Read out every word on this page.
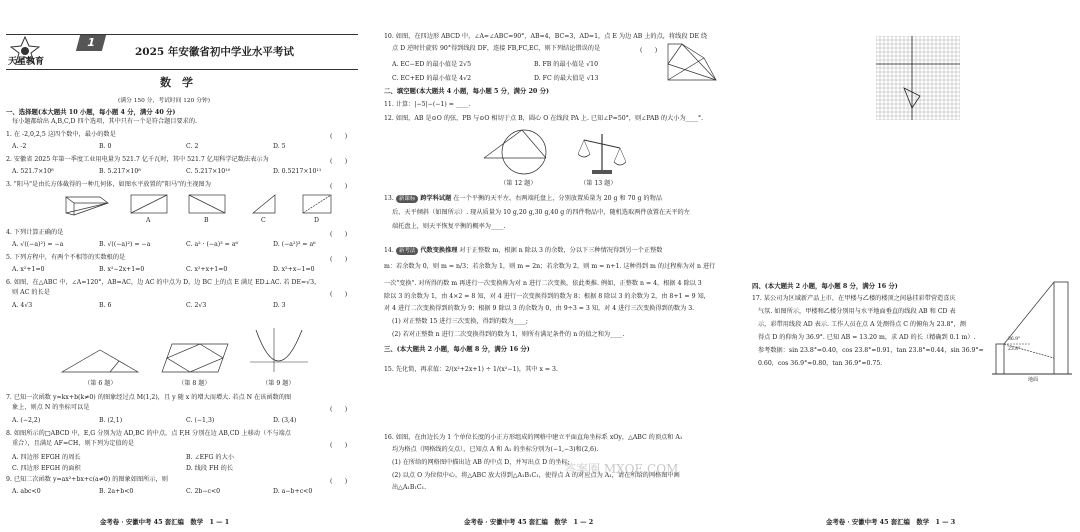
天星教育
1
2025 年安徽省初中学业水平考试
数　学
(满分 150 分，考试时间 120 分钟)
一、选择题(本大题共 10 小题，每小题 4 分，满分 40 分)
每小题都给出 A,B,C,D 四个选项，其中只有一个是符合题目要求的.
1. 在 -2,0,2,5 这四个数中，最小的数是	(　　)
A. -2	B. 0	C. 2	D. 5
2. 安徽省 2025 年第一季度工业用电量为 521.7 亿千瓦时，其中 521.7 亿用科学记数法表示为	(　　)
A. 521.7×10⁸	B. 5.217×10⁸	C. 5.217×10¹⁰	D. 0.5217×10¹¹
3. "阳马"是由长方体截得的一种几何体，如图水平放置的"阳马"的主视图为	(　　)
A	B	C	D
4. 下列计算正确的是	(　　)
A. √((−a)²) = −a	B. √((−a)²) = −a	C. a² · (−a)³ = a⁶	D. (−a²)³ = a⁶
5. 下列方程中，有两个不相等的实数根的是	(　　)
A. x²+1=0	B. x²−2x+1=0	C. x²+x+1=0	D. x²+x−1=0
6. 如图，在△ABC 中，∠A=120°，AB=AC，边 AC 的中点为 D，边 BC 上的点 E 满足 ED⊥AC. 若 DE=√3，
则 AC 的长是	(　　)
A. 4√3	B. 6	C. 2√3	D. 3
（第 6 题）	（第 8 题）	（第 9 题）
7. 已知一次函数 y=kx+b(k≠0) 的图象经过点 M(1,2)，且 y 随 x 的增大而增大. 若点 N 在该函数的图
象上，则点 N 的坐标可以是	(　　)
A. (−2,2)	B. (2,1)	C. (−1,3)	D. (3,4)
8. 如图所示的□ABCD 中，E,G 分别为边 AD,BC 的中点，点 F,H 分别在边 AB,CD 上移动（不与端点
重合），且满足 AF=CH，则下列为定值的是	(　　)
A. 四边形 EFGH 的周长	B. ∠EFG 的大小
C. 四边形 EFGH 的面积	D. 线段 FH 的长
9. 已知二次函数 y=ax²+bx+c(a≠0) 的图象如图所示，则	(　　)
A. abc<0	B. 2a+b<0	C. 2b−c<0	D. a−b+c<0
金考卷 · 安徽中考 45 套汇编　数学　1 — 1
10. 如图，在四边形 ABCD 中，∠A=∠ABC=90°，AB=4，BC=3，AD=1，点 E 为边 AB 上的点，将线段 DE 绕
点 D 逆时针旋转 90°得到线段 DF，连接 FB,FC,EC，则下列结论错误的是	(　　)
A. EC−ED 的最小值是 2√5	B. FB 的最小值是 √10
C. EC+ED 的最小值是 4√2	D. FC 的最大值是 √13
二、填空题(本大题共 4 小题，每小题 5 分，满分 20 分)
11. 计算：|−5|−(−1) = ____.
12. 如图，AB 是⊙O 的弦，PB 与⊙O 相切于点 B，圆心 O 在线段 PA 上. 已知∠P=50°，则∠PAB 的大小为____°.
（第 12 题）	（第 13 题）
13. 新课标 跨学科试题 在一个平衡的天平左、右两端托盘上，分别放置质量为 20 g 和 70 g 的物品
后，天平倾斜（如图所示）. 现从质量为 10 g,20 g,30 g,40 g 的四件物品中，随机选取两件放置在天平的左
端托盘上，则天平恢复平衡的概率为____.
14. 新考法 代数变换推理 对于正整数 m，根据 n 除以 3 的余数，分以下三种情况得到另一个正整数
m：若余数为 0，则 m = n/3；若余数为 1，则 m = 2n；若余数为 2，则 m = n+1. 这种得到 m 的过程称为对 n 进行
一次"变换". 对所得的数 m 再进行一次变换称为对 n 进行二次变换，依此类推. 例如，正整数 n = 4，根据 4 除以 3
除以 3 的余数为 1，由 4×2 = 8 知，对 4 进行一次变换得到的数为 8；根据 8 除以 3 的余数为 2，由 8+1 = 9 知，
对 4 进行二次变换得到的数为 9；根据 9 除以 3 的余数为 0，由 9÷3 = 3 知，对 4 进行三次变换得到的数为 3.
(1) 对正整数 15 进行三次变换，得到的数为____;
(2) 若对正整数 n 进行二次变换得到的数为 1，则所有满足条件的 n 的值之和为____.
三、(本大题共 2 小题，每小题 8 分，满分 16 分)
15. 先化简，再求值：2/(x²+2x+1) ÷ 1/(x²−1)，其中 x = 3.
16. 如图，在由边长为 1 个单位长度的小正方形组成的网格中建立平面直角坐标系 xOy，△ABC 的顶点和 A₁
均为格点（网格线的交点），已知点 A 和 A₁ 的坐标分别为(−1,−3)和(2,6).
(1) 在所给的网格图中描出边 AB 的中点 D，并写出点 D 的坐标;
(2) 以点 O 为位似中心，将△ABC 放大得到△A₁B₁C₁，使得点 A 的对应点为 A₁，请在所给的网格图中画
出△A₁B₁C₁.
答案圈 MXQE.COM
金考卷 · 安徽中考 45 套汇编　数学　1 — 2
四、(本大题共 2 小题，每小题 8 分，满分 16 分)
17. 某公司为区域新产品上市，在甲楼与乙楼的楼顶之间悬挂彩带营造喜庆
气氛. 如图所示，甲楼和乙楼分别用与水平地面垂直的线段 AB 和 CD 表
示，彩带用线段 AD 表示. 工作人员在点 A 处测得点 C 的俯角为 23.8°，测
得点 D 的仰角为 36.9°. 已知 AB = 13.20 m，求 AD 的长（精确到 0.1 m）.
参考数据：sin 23.8°≈0.40，cos 23.8°≈0.91，tan 23.8°≈0.44，sin 36.9°≈
0.60，cos 36.9°≈0.80，tan 36.9°≈0.75.
36.9°
23.8°
地面
金考卷 · 安徽中考 45 套汇编　数学　1 — 3
